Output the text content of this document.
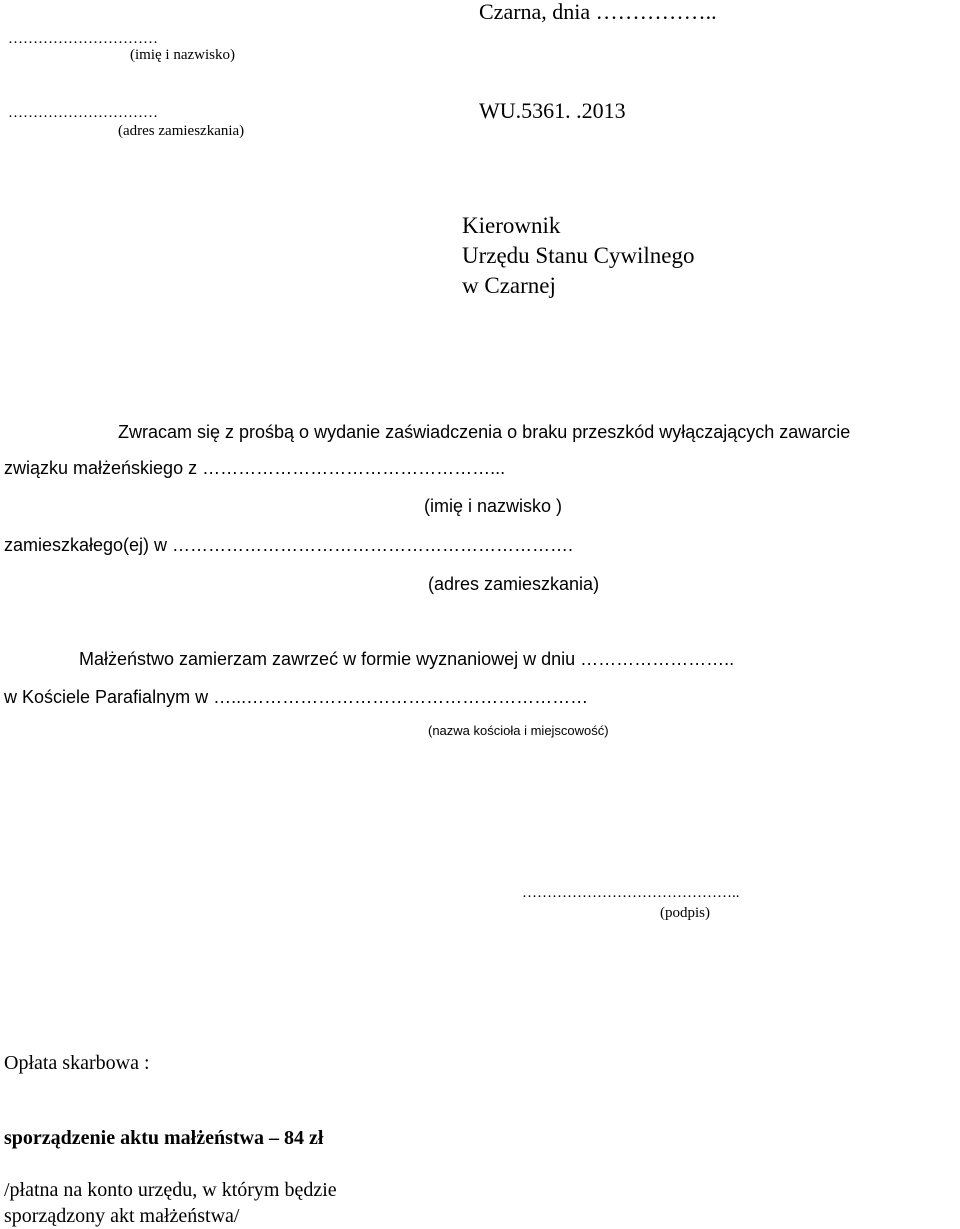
Czarna, dnia ……………..
…………………………
(imię i nazwisko)
…………………………
(adres zamieszkania)
WU.5361. .2013
Kierownik
Urzędu Stanu Cywilnego
w Czarnej
Zwracam się z prośbą o wydanie zaświadczenia o braku przeszkód wyłączających zawarcie
związku małżeńskiego z …………………………………………...
(imię i nazwisko )
zamieszkałego(ej) w ………………………………………………………….
(adres zamieszkania)
Małżeństwo zamierzam zawrzeć w formie wyznaniowej w dniu ……………………..
w Kościele Parafialnym w …...…………………………………………………
(nazwa kościoła i miejscowość)
……………………………………..
(podpis)
Opłata skarbowa :
sporządzenie aktu małżeństwa – 84 zł
/płatna na konto urzędu, w którym będzie
sporządzony akt małżeństwa/
